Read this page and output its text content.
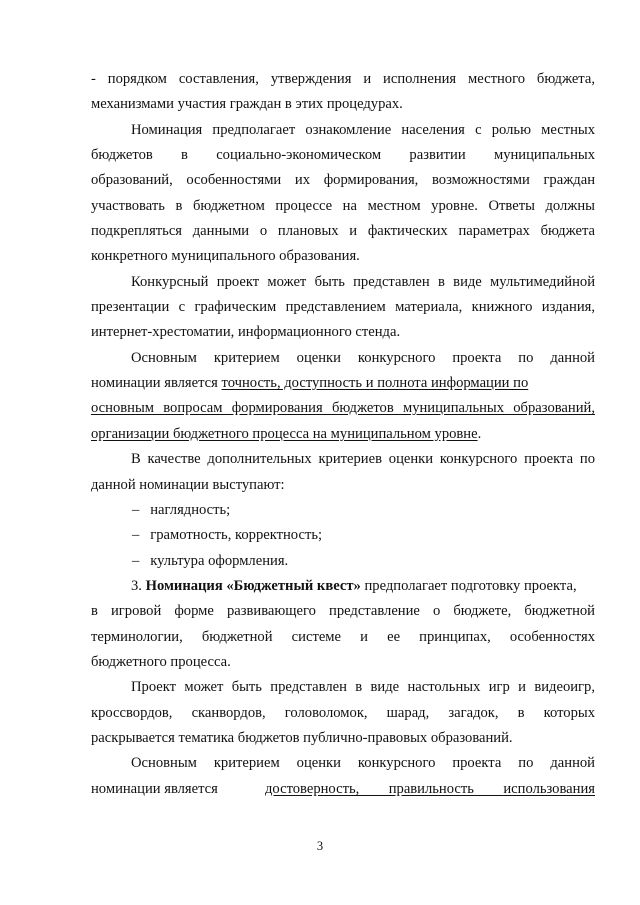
- порядком составления, утверждения и исполнения местного бюджета,
механизмами участия граждан в этих процедурах.
Номинация предполагает ознакомление населения с ролью местных
бюджетов в социально-экономическом развитии муниципальных
образований, особенностями их формирования, возможностями граждан
участвовать в бюджетном процессе на местном уровне. Ответы должны
подкрепляться данными о плановых и фактических параметрах бюджета
конкретного муниципального образования.
Конкурсный проект может быть представлен в виде мультимедийной
презентации с графическим представлением материала, книжного издания,
интернет-хрестоматии, информационного стенда.
Основным критерием оценки конкурсного проекта по данной
номинации является точность, доступность и полнота информации по
основным вопросам формирования бюджетов муниципальных образований,
организации бюджетного процесса на муниципальном уровне.
В качестве дополнительных критериев оценки конкурсного проекта по
данной номинации выступают:
– наглядность;
– грамотность, корректность;
– культура оформления.
3. Номинация «Бюджетный квест» предполагает подготовку проекта,
в игровой форме развивающего представление о бюджете, бюджетной
терминологии, бюджетной системе и ее принципах, особенностях
бюджетного процесса.
Проект может быть представлен в виде настольных игр и видеоигр,
кроссвордов, сканвордов, головоломок, шарад, загадок, в которых
раскрывается тематика бюджетов публично-правовых образований.
Основным критерием оценки конкурсного проекта по данной
номинации является	достоверность, правильность использования
3
